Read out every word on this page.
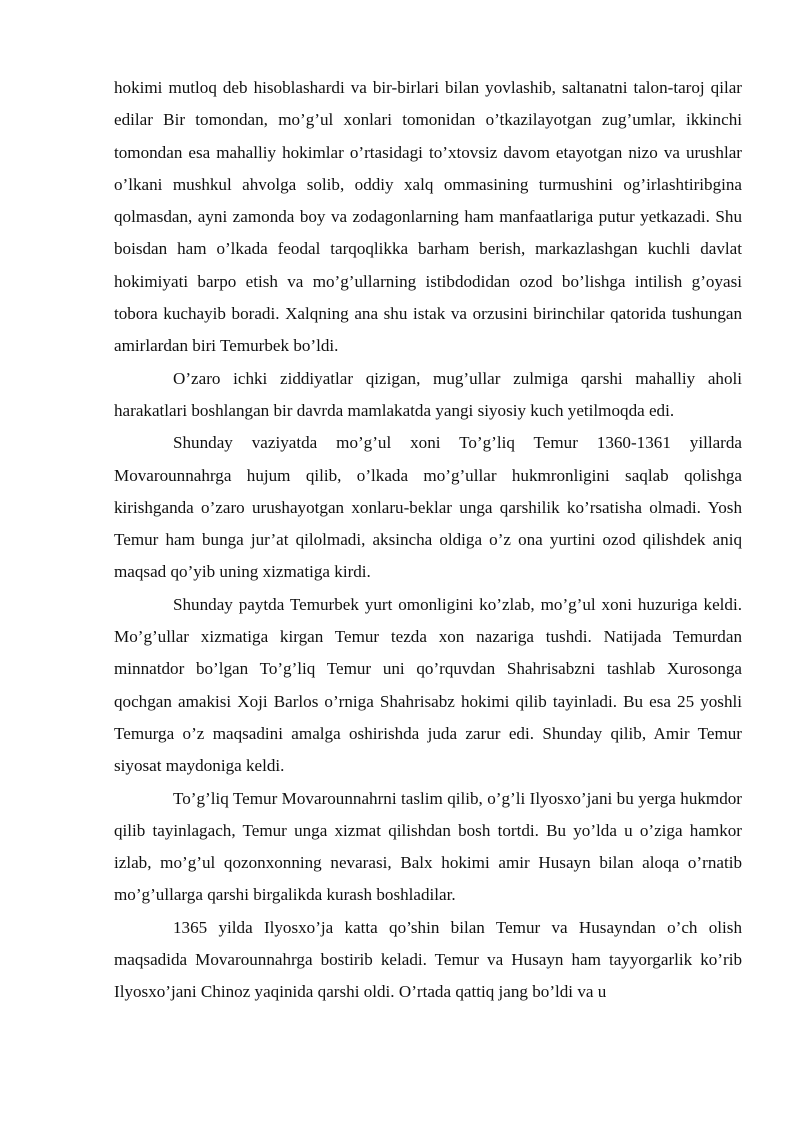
hokimi mutloq deb hisoblashardi va bir-birlari bilan yovlashib, saltanatni talon-taroj qilar edilar Bir tomondan, mo’g’ul xonlari tomonidan o’tkazilayotgan zug’umlar, ikkinchi tomondan esa mahalliy hokimlar o’rtasidagi to’xtovsiz davom etayotgan nizo va urushlar o’lkani mushkul ahvolga solib, oddiy xalq ommasining turmushini og’irlashtiribgina qolmasdan, ayni zamonda boy va zodagonlarning ham manfaatlariga putur yetkazadi. Shu boisdan ham o’lkada feodal tarqoqlikka barham berish, markazlashgan kuchli davlat hokimiyati barpo etish va mo’g’ullarning istibdodidan ozod bo’lishga intilish g’oyasi tobora kuchayib boradi. Xalqning ana shu istak va orzusini birinchilar qatorida tushungan amirlardan biri Temurbek bo’ldi.

O’zaro ichki ziddiyatlar qizigan, mug’ullar zulmiga qarshi mahalliy aholi harakatlari boshlangan bir davrda mamlakatda yangi siyosiy kuch yetilmoqda edi.

Shunday vaziyatda mo’g’ul xoni To’g’liq Temur 1360-1361 yillarda Movarounnahrga hujum qilib, o’lkada mo’g’ullar hukmronligini saqlab qolishga kirishganda o’zaro urushayotgan xonlaru-beklar unga qarshilik ko’rsatisha olmadi. Yosh Temur ham bunga jur’at qilolmadi, aksincha oldiga o’z ona yurtini ozod qilishdek aniq maqsad qo’yib uning xizmatiga kirdi.

Shunday paytda Temurbek yurt omonligini ko’zlab, mo’g’ul xoni huzuriga keldi. Mo’g’ullar xizmatiga kirgan Temur tezda xon nazariga tushdi. Natijada Temurdan minnatdor bo’lgan To’g’liq Temur uni qo’rquvdan Shahrisabzni tashlab Xurosonga qochgan amakisi Xoji Barlos o’rniga Shahrisabz hokimi qilib tayinladi. Bu esa 25 yoshli Temurga o’z maqsadini amalga oshirishda juda zarur edi. Shunday qilib, Amir Temur siyosat maydoniga keldi.

To’g’liq Temur Movarounnahrni taslim qilib, o’g’li Ilyosxo’jani bu yerga hukmdor qilib tayinlagach, Temur unga xizmat qilishdan bosh tortdi. Bu yo’lda u o’ziga hamkor izlab, mo’g’ul qozonxonning nevarasi, Balx hokimi amir Husayn bilan aloqa o’rnatib mo’g’ullarga qarshi birgalikda kurash boshladilar.

1365 yilda Ilyosxo’ja katta qo’shin bilan Temur va Husayndan o’ch olish maqsadida Movarounnahrga bostirib keladi. Temur va Husayn ham tayyorgarlik ko’rib Ilyosxo’jani Chinoz yaqinida qarshi oldi. O’rtada qattiq jang bo’ldi va u
